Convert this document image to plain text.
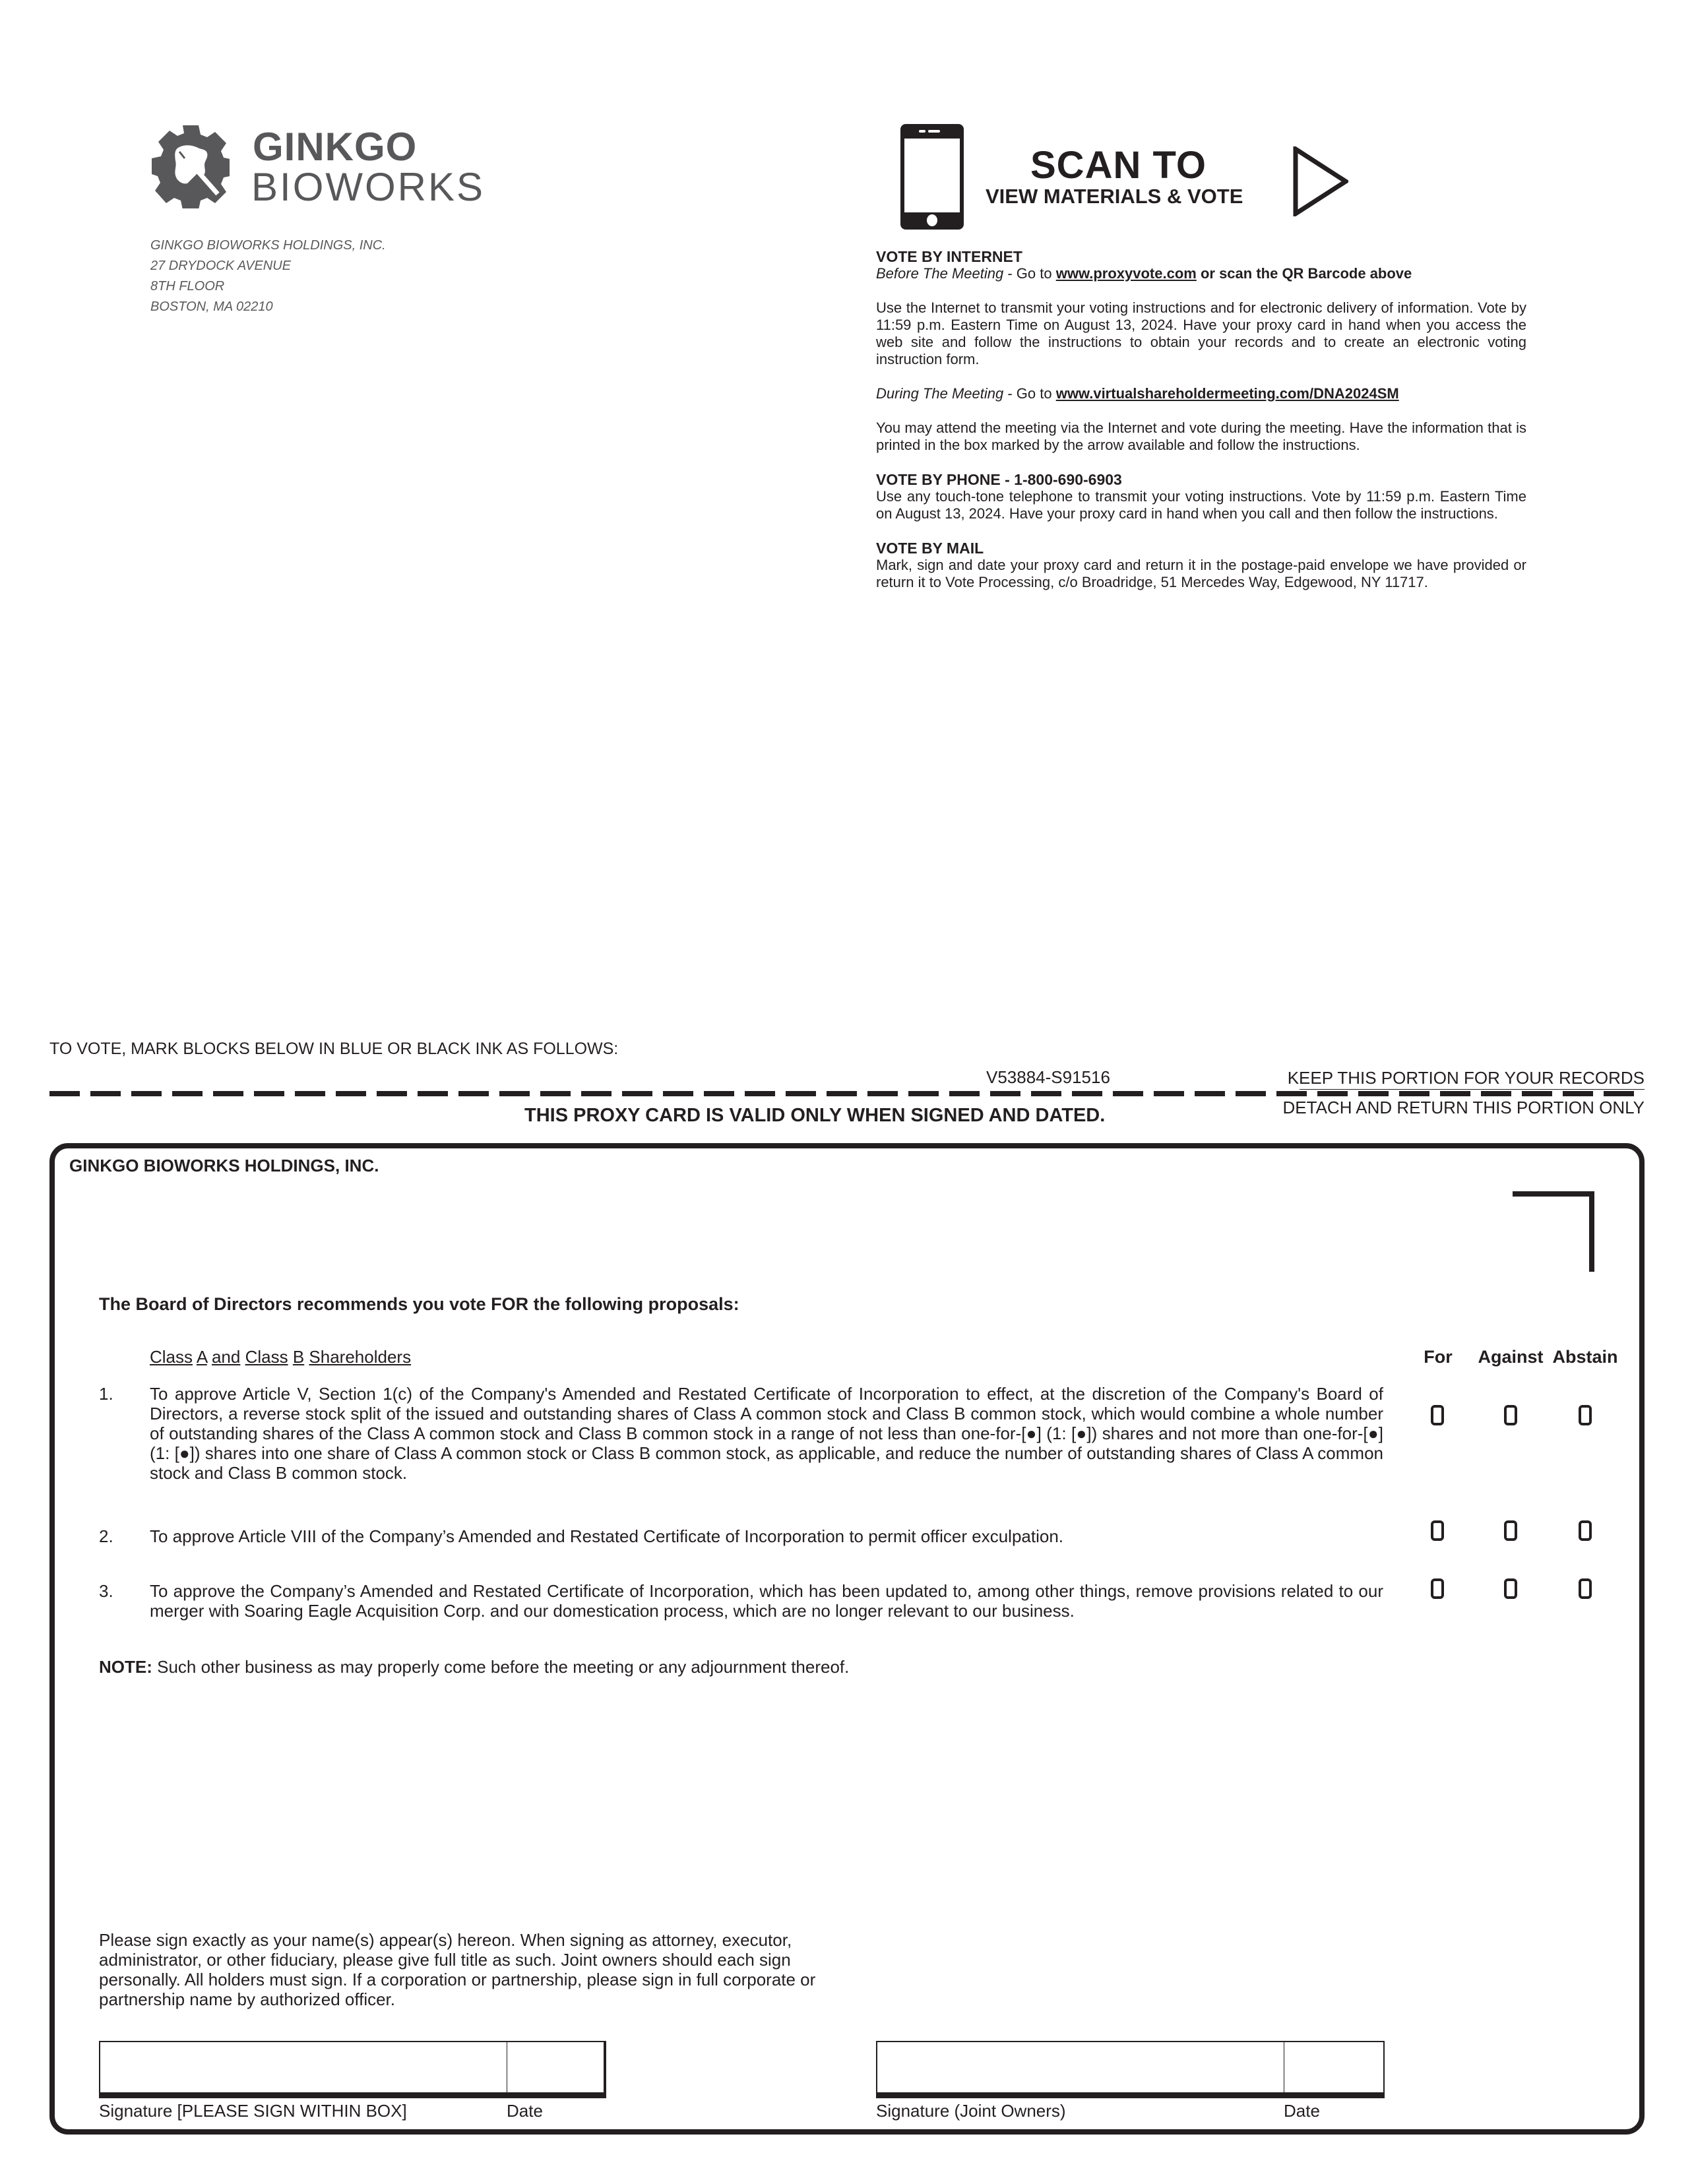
GINKGO
BIOWORKS
GINKGO BIOWORKS HOLDINGS, INC.
27 DRYDOCK AVENUE
8TH FLOOR
BOSTON, MA 02210
SCAN TO
VIEW MATERIALS & VOTE
VOTE BY INTERNET

Before The Meeting - Go to www.proxyvote.com or scan the QR Barcode above

Use the Internet to transmit your voting instructions and for electronic delivery of information. Vote by 11:59 p.m. Eastern Time on August 13, 2024. Have your proxy card in hand when you access the web site and follow the instructions to obtain your records and to create an electronic voting instruction form.

During The Meeting - Go to www.virtualshareholdermeeting.com/DNA2024SM

You may attend the meeting via the Internet and vote during the meeting. Have the information that is printed in the box marked by the arrow available and follow the instructions.

VOTE BY PHONE - 1-800-690-6903

Use any touch-tone telephone to transmit your voting instructions. Vote by 11:59 p.m. Eastern Time on August 13, 2024. Have your proxy card in hand when you call and then follow the instructions.

VOTE BY MAIL

Mark, sign and date your proxy card and return it in the postage-paid envelope we have provided or return it to Vote Processing, c/o Broadridge, 51 Mercedes Way, Edgewood, NY 11717.

TO VOTE, MARK BLOCKS BELOW IN BLUE OR BLACK INK AS FOLLOWS:
V53884-S91516	KEEP THIS PORTION FOR YOUR RECORDS
DETACH AND RETURN THIS PORTION ONLY
THIS PROXY CARD IS VALID ONLY WHEN SIGNED AND DATED.
GINKGO BIOWORKS HOLDINGS, INC.
The Board of Directors recommends you vote FOR the following proposals:
Class A and Class B Shareholders	For	Against Abstain
1. To approve Article V, Section 1(c) of the Company's Amended and Restated Certificate of Incorporation to effect, at the discretion of the Company's Board of Directors, a reverse stock split of the issued and outstanding shares of Class A common stock and Class B common stock, which would combine a whole number of outstanding shares of the Class A common stock and Class B common stock in a range of not less than one-for-[●] (1: [●]) shares and not more than one-for-[●] (1: [●]) shares into one share of Class A common stock or Class B common stock, as applicable, and reduce the number of outstanding shares of Class A common stock and Class B common stock.
2. To approve Article VIII of the Company’s Amended and Restated Certificate of Incorporation to permit officer exculpation.
3. To approve the Company’s Amended and Restated Certificate of Incorporation, which has been updated to, among other things, remove provisions related to our merger with Soaring Eagle Acquisition Corp. and our domestication process, which are no longer relevant to our business.
NOTE: Such other business as may properly come before the meeting or any adjournment thereof.
Please sign exactly as your name(s) appear(s) hereon. When signing as attorney, executor, administrator, or other fiduciary, please give full title as such. Joint owners should each sign personally. All holders must sign. If a corporation or partnership, please sign in full corporate or partnership name by authorized officer.
Signature [PLEASE SIGN WITHIN BOX]	Date	Signature (Joint Owners)	Date
